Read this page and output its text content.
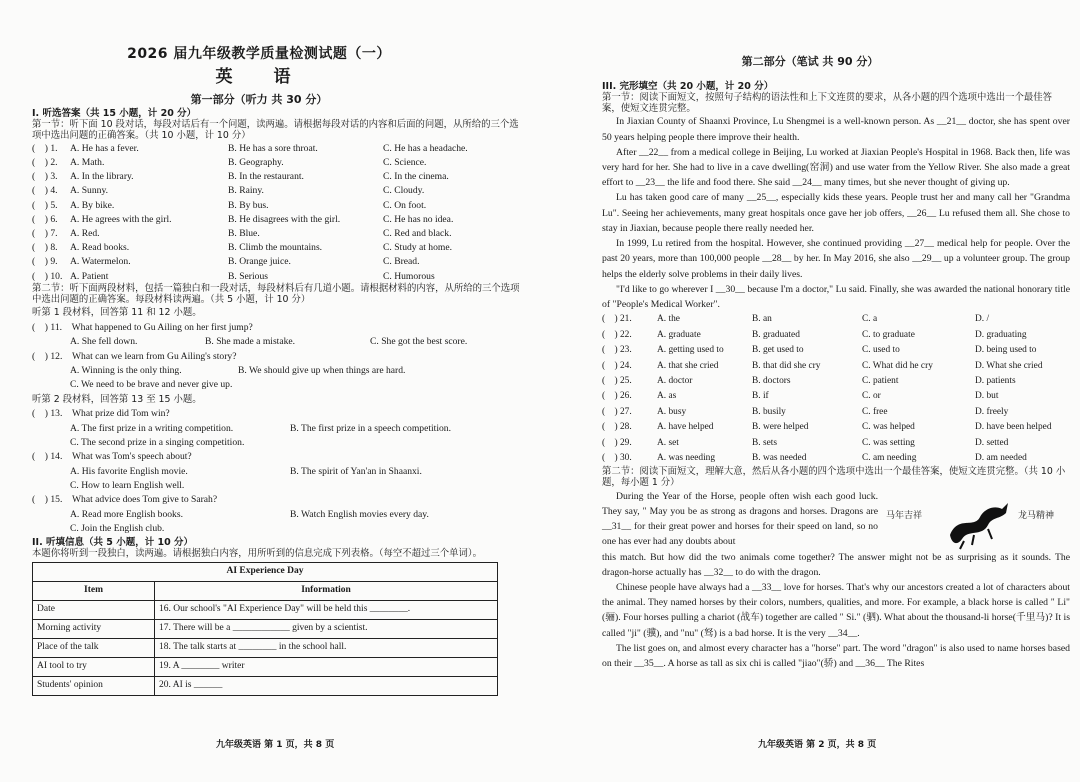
2026 届九年级教学质量检测试题（一）
英　语
第一部分（听力 共 30 分）
I. 听选答案（共 15 小题，计 20 分）
第一节：听下面 10 段对话，每段对话后有一个问题，读两遍。请根据每段对话的内容和后面的问题，从所给的三个选项中选出问题的正确答案。（共 10 小题，计 10 分）
(　) 1.	A. He has a fever.	B. He has a sore throat.	C. He has a headache.
(　) 2.	A. Math.	B. Geography.	C. Science.
(　) 3.	A. In the library.	B. In the restaurant.	C. In the cinema.
(　) 4.	A. Sunny.	B. Rainy.	C. Cloudy.
(　) 5.	A. By bike.	B. By bus.	C. On foot.
(　) 6.	A. He agrees with the girl.	B. He disagrees with the girl.	C. He has no idea.
(　) 7.	A. Red.	B. Blue.	C. Red and black.
(　) 8.	A. Read books.	B. Climb the mountains.	C. Study at home.
(　) 9.	A. Watermelon.	B. Orange juice.	C. Bread.
(　) 10. A. Patient	B. Serious	C. Humorous
第二节：听下面两段材料，包括一篇独白和一段对话，每段材料后有几道小题。请根据材料的内容，从所给的三个选项中选出问题的正确答案。每段材料读两遍。（共 5 小题，计 10 分）
听第 1 段材料，回答第 11 和 12 小题。
(　) 11.　What happened to Gu Ailing on her first jump?
A. She fell down.	B. She made a mistake.	C. She got the best score.
(　) 12.　What can we learn from Gu Ailing's story?
A. Winning is the only thing.	B. We should give up when things are hard.
C. We need to be brave and never give up.
听第 2 段材料，回答第 13 至 15 小题。
(　) 13.　What prize did Tom win?
A. The first prize in a writing competition.	B. The first prize in a speech competition.
C. The second prize in a singing competition.
(　) 14.　What was Tom's speech about?
A. His favorite English movie.	B. The spirit of Yan'an in Shaanxi.
C. How to learn English well.
(　) 15.　What advice does Tom give to Sarah?
A. Read more English books.	B. Watch English movies every day.
C. Join the English club.
II. 听填信息（共 5 小题，计 10 分）
本题你将听到一段独白，读两遍。请根据独白内容，用所听到的信息完成下列表格。（每空不超过三个单词）。
AI Experience Day	
Item	Information
Date	16. Our school's "AI Experience Day" will be held this ________.
Morning activity	17. There will be a ____________ given by a scientist.
Place of the talk	18. The talk starts at ________ in the school hall.
AI tool to try	19. A ________ writer
Students' opinion	20. AI is ______
九年级英语 第 1 页，共 8 页
第二部分（笔试 共 90 分）
III. 完形填空（共 20 小题，计 20 分）
第一节：阅读下面短文，按照句子结构的语法性和上下文连贯的要求，从各小题的四个选项中选出一个最佳答案，使短文连贯完整。
In Jiaxian County of Shaanxi Province, Lu Shengmei is a well-known person. As __21__ doctor, she has spent over 50 years helping people there improve their health.
After __22__ from a medical college in Beijing, Lu worked at Jiaxian People's Hospital in 1968. Back then, life was very hard for her. She had to live in a cave dwelling(窑洞) and use water from the Yellow River. She also made a great effort to __23__ the life and food there. She said __24__ many times, but she never thought of giving up.
Lu has taken good care of many __25__, especially kids these years. People trust her and many call her "Grandma Lu". Seeing her achievements, many great hospitals once gave her job offers, __26__ Lu refused them all. She chose to stay in Jiaxian, because people there really needed her.
In 1999, Lu retired from the hospital. However, she continued providing __27__ medical help for people. Over the past 20 years, more than 100,000 people __28__ by her. In May 2016, she also __29__ up a volunteer group. The group helps the elderly solve problems in their daily lives.
"I'd like to go wherever I __30__ because I'm a doctor," Lu said. Finally, she was awarded the national honorary title of "People's Medical Worker".
(　) 21.	A. the	B. an	C. a	D. /
(　) 22.	A. graduate	B. graduated	C. to graduate	D. graduating
(　) 23.	A. getting used to	B. get used to	C. used to	D. being used to
(　) 24.	A. that she cried	B. that did she cry	C. What did he cry	D. What she cried
(　) 25.	A. doctor	B. doctors	C. patient	D. patients
(　) 26.	A. as	B. if	C. or	D. but
(　) 27.	A. busy	B. busily	C. free	D. freely
(　) 28.	A. have helped	B. were helped	C. was helped	D. have been helped
(　) 29.	A. set	B. sets	C. was setting	D. setted
(　) 30.	A. was needing	B. was needed	C. am needing	D. am needed
第二节：阅读下面短文，理解大意，然后从各小题的四个选项中选出一个最佳答案，使短文连贯完整。（共 10 小题，每小题 1 分）
During the Year of the Horse, people often wish each good luck. They say, " May you be as strong as dragons and horses. Dragons are __31__ for their great power and horses for their speed on land, so no one has ever had any doubts about
马年吉祥	龙马精神
this match. But how did the two animals come together? The answer might not be as surprising as it sounds. The dragon-horse actually has __32__ to do with the dragon.
Chinese people have always had a __33__ love for horses. That's why our ancestors created a lot of characters about the animal. They named horses by their colors, numbers, qualities, and more. For example, a black horse is called " Li" (骊). Four horses pulling a chariot (战车) together are called " Si." (驷). What about the thousand-li horse(千里马)? It is called "ji" (骥), and "nu" (驽) is a bad horse. It is the very __34__.
The list goes on, and almost every character has a "horse" part. The word "dragon" is also used to name horses based on their __35__. A horse as tall as six chi is called "jiao"(骄) and __36__ The Rites
九年级英语 第 2 页，共 8 页
